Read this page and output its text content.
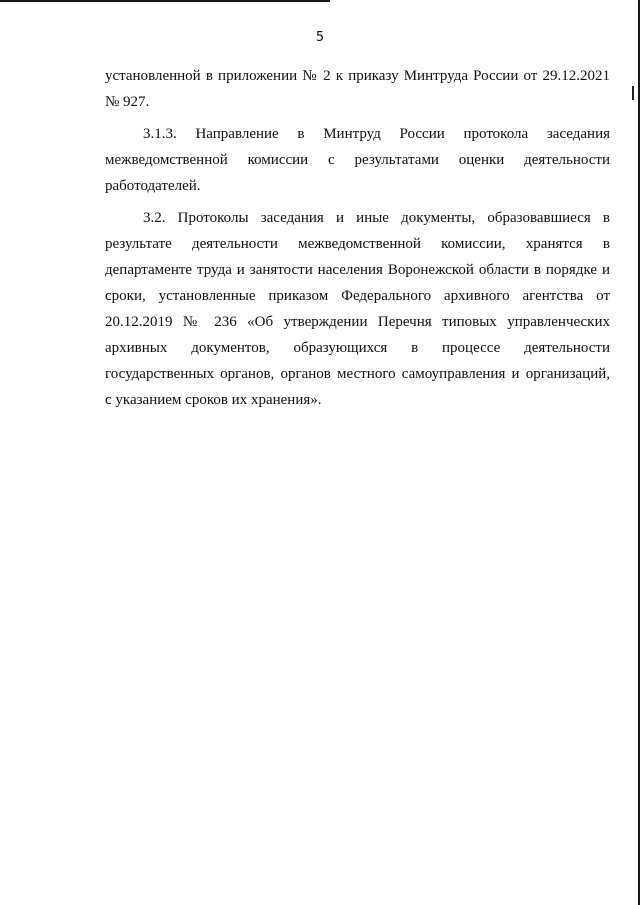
5

установленной в приложении № 2 к приказу Минтруда России от 29.12.2021
№ 927.

3.1.3. Направление в Минтруд России протокола заседания
межведомственной комиссии с результатами оценки деятельности
работодателей.

3.2. Протоколы заседания и иные документы, образовавшиеся в
результате деятельности межведомственной комиссии, хранятся в
департаменте труда и занятости населения Воронежской области в порядке и
сроки, установленные приказом Федерального архивного агентства от
20.12.2019 № 236 «Об утверждении Перечня типовых управленческих
архивных документов, образующихся в процессе деятельности
государственных органов, органов местного самоуправления и организаций,
с указанием сроков их хранения».
